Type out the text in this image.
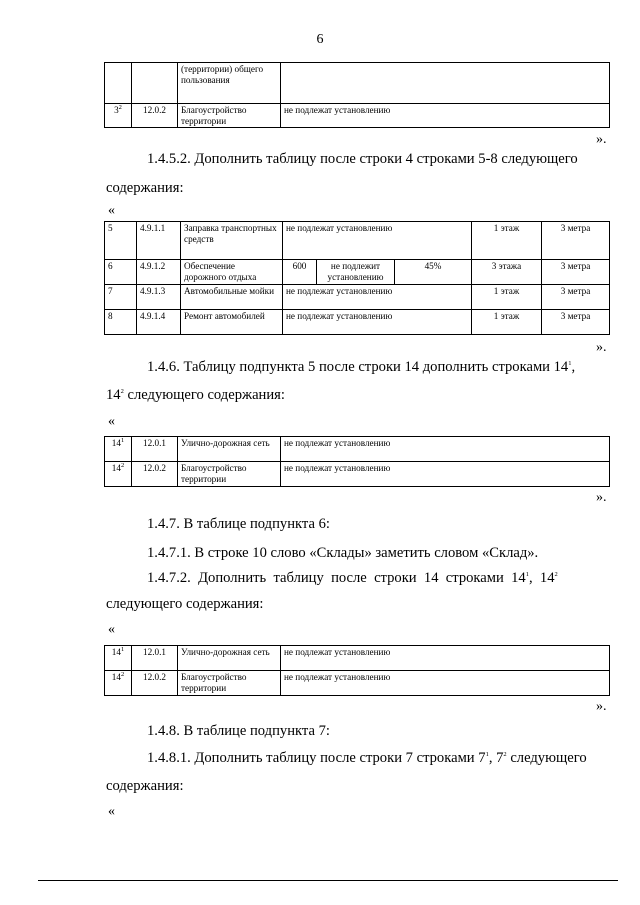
6
		(территории) общего пользования	
$3^2$	12.0.2	Благоустройство территории	не подлежат установлению
».
1.4.5.2. Дополнить таблицу после строки 4 строками 5-8 следующего
содержания:
«
5	4.9.1.1	Заправка транспортных средств	не подлежат установлению			1 этаж	3 метра
6	4.9.1.2	Обеспечение дорожного отдыха	600	не подлежит установлению	45%	3 этажа	3 метра
7	4.9.1.3	Автомобильные мойки	не подлежат установлению			1 этаж	3 метра
8	4.9.1.4	Ремонт автомобилей	не подлежат установлению			1 этаж	3 метра
».
1.4.6. Таблицу подпункта 5 после строки 14 дополнить строками $14^1$,
$14^2$ следующего содержания:
«
$14^1$	12.0.1	Улично-дорожная сеть	не подлежат установлению
$14^2$	12.0.2	Благоустройство территории	не подлежат установлению
».
1.4.7. В таблице подпункта 6:
1.4.7.1. В строке 10 слово «Склады» заметить словом «Склад».
1.4.7.2.  Дополнить  таблицу  после  строки  14  строками  $14^1$,  $14^2$
следующего содержания:
«
$14^1$	12.0.1	Улично-дорожная сеть	не подлежат установлению
$14^2$	12.0.2	Благоустройство территории	не подлежат установлению
».
1.4.8. В таблице подпункта 7:
1.4.8.1. Дополнить таблицу после строки 7 строками $7^1$, $7^2$ следующего
содержания:
«
